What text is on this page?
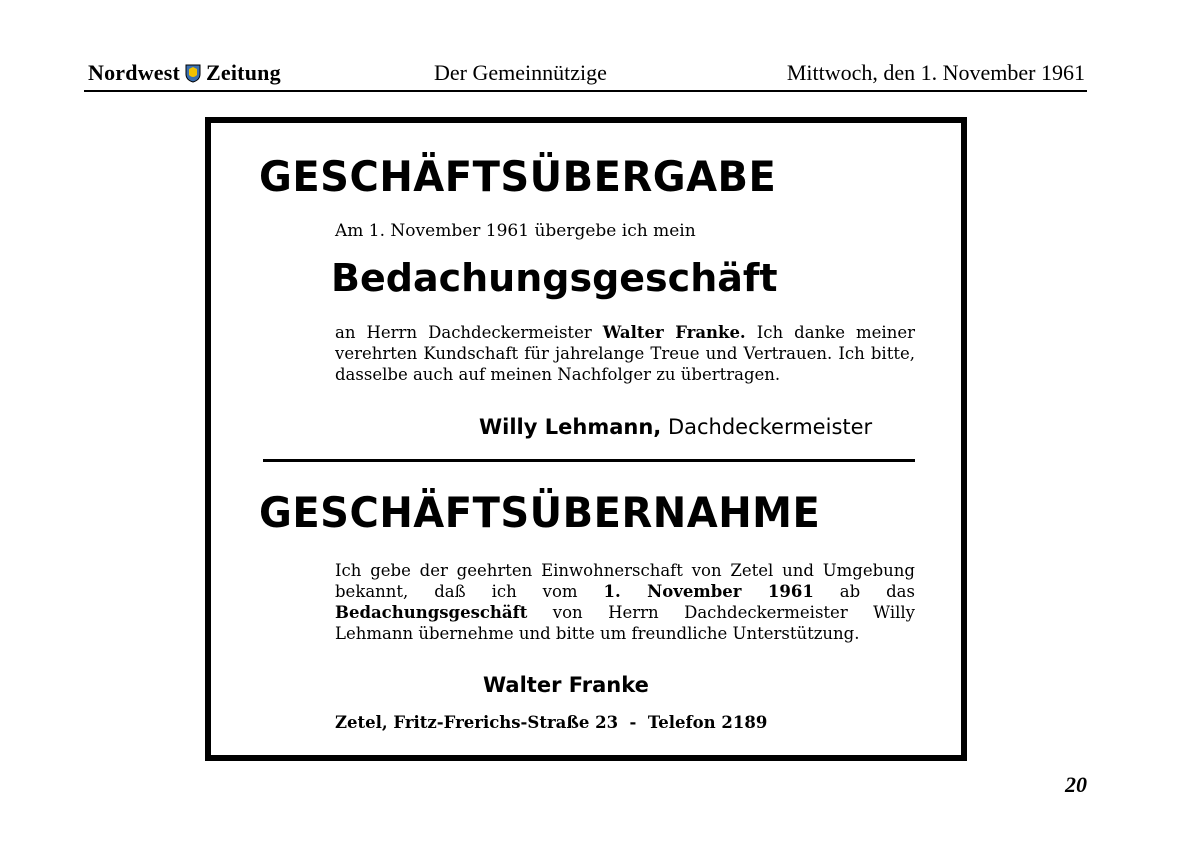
Nordwest Zeitung	Der Gemeinnützige	Mittwoch, den 1. November 1961
GESCHÄFTSÜBERGABE
Am 1. November 1961 übergebe ich mein
Bedachungsgeschäft
an Herrn Dachdeckermeister Walter Franke. Ich danke meiner verehrten Kundschaft für jahrelange Treue und Vertrauen. Ich bitte, dasselbe auch auf meinen Nachfolger zu übertragen.
Willy Lehmann, Dachdeckermeister
GESCHÄFTSÜBERNAHME
Ich gebe der geehrten Einwohnerschaft von Zetel und Umgebung bekannt, daß ich vom 1. November 1961 ab das Bedachungsgeschäft von Herrn Dachdeckermeister Willy Lehmann übernehme und bitte um freundliche Unterstützung.
Walter Franke
Zetel, Fritz-Frerichs-Straße 23  -  Telefon 2189
20
